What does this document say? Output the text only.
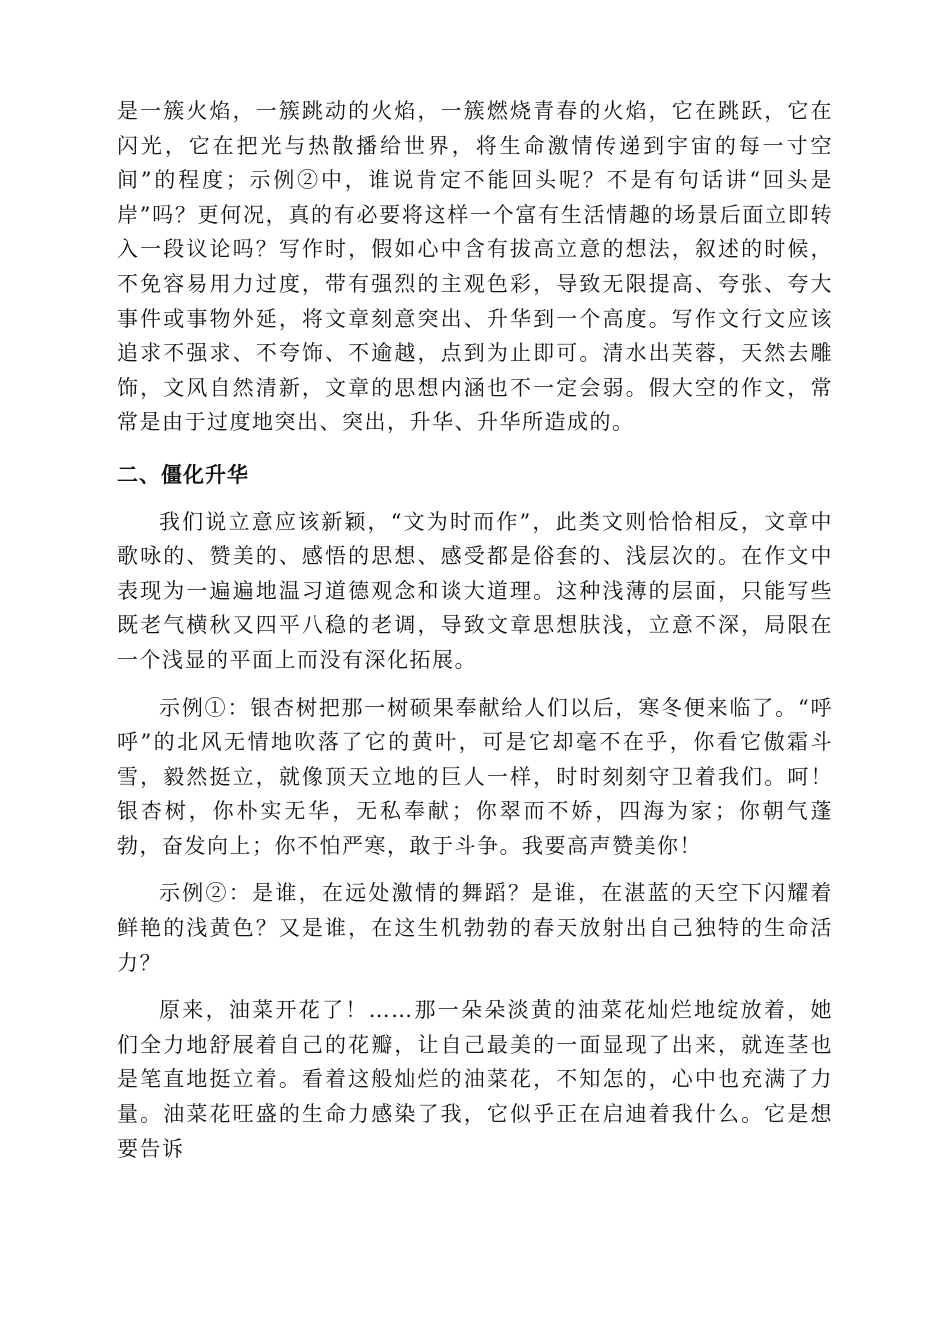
是一簇火焰，一簇跳动的火焰，一簇燃烧青春的火焰，它在跳跃，它在闪光，它在把光与热散播给世界，将生命激情传递到宇宙的每一寸空间”的程度；示例②中，谁说肯定不能回头呢？不是有句话讲“回头是岸”吗？更何况，真的有必要将这样一个富有生活情趣的场景后面立即转入一段议论吗？写作时，假如心中含有拔高立意的想法，叙述的时候，不免容易用力过度，带有强烈的主观色彩，导致无限提高、夸张、夸大事件或事物外延，将文章刻意突出、升华到一个高度。写作文行文应该追求不强求、不夸饰、不逾越，点到为止即可。清水出芙蓉，天然去雕饰，文风自然清新，文章的思想内涵也不一定会弱。假大空的作文，常常是由于过度地突出、突出，升华、升华所造成的。

二、僵化升华

我们说立意应该新颖，“文为时而作”，此类文则恰恰相反，文章中歌咏的、赞美的、感悟的思想、感受都是俗套的、浅层次的。在作文中表现为一遍遍地温习道德观念和谈大道理。这种浅薄的层面，只能写些既老气横秋又四平八稳的老调，导致文章思想肤浅，立意不深，局限在一个浅显的平面上而没有深化拓展。

示例①：银杏树把那一树硕果奉献给人们以后，寒冬便来临了。“呼呼”的北风无情地吹落了它的黄叶，可是它却毫不在乎，你看它傲霜斗雪，毅然挺立，就像顶天立地的巨人一样，时时刻刻守卫着我们。呵！银杏树，你朴实无华，无私奉献；你翠而不娇，四海为家；你朝气蓬勃，奋发向上；你不怕严寒，敢于斗争。我要高声赞美你！

示例②：是谁，在远处激情的舞蹈？是谁，在湛蓝的天空下闪耀着鲜艳的浅黄色？又是谁，在这生机勃勃的春天放射出自己独特的生命活力？

原来，油菜开花了！……那一朵朵淡黄的油菜花灿烂地绽放着，她们全力地舒展着自己的花瓣，让自己最美的一面显现了出来，就连茎也是笔直地挺立着。看着这般灿烂的油菜花，不知怎的，心中也充满了力量。油菜花旺盛的生命力感染了我，它似乎正在启迪着我什么。它是想要告诉
